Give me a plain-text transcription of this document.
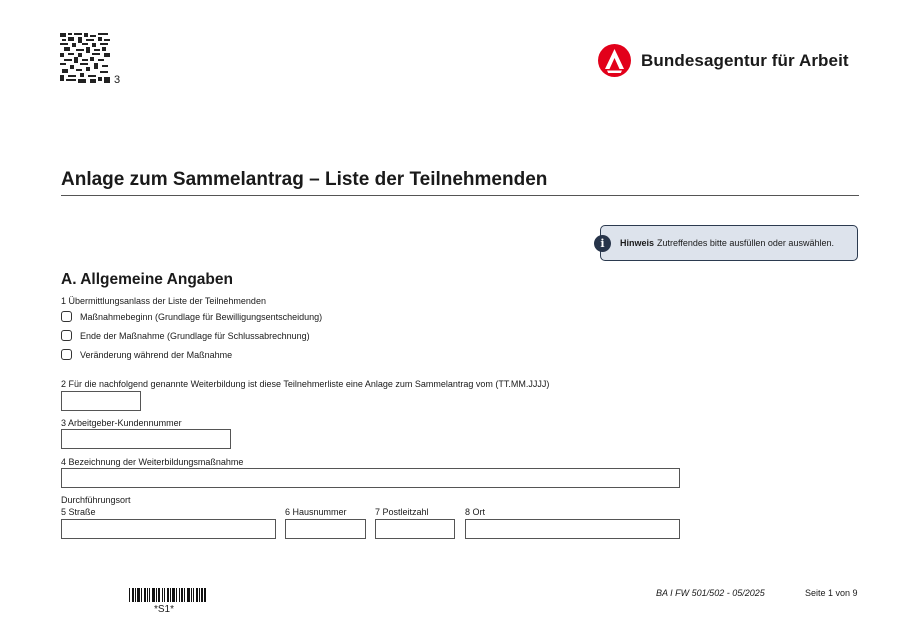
3
Bundesagentur für Arbeit
Anlage zum Sammelantrag – Liste der Teilnehmenden
Hinweis Zutreffendes bitte ausfüllen oder auswählen.
i
A. Allgemeine Angaben
1 Übermittlungsanlass der Liste der Teilnehmenden
Maßnahmebeginn (Grundlage für Bewilligungsentscheidung)
Ende der Maßnahme (Grundlage für Schlussabrechnung)
Veränderung während der Maßnahme
2 Für die nachfolgend genannte Weiterbildung ist diese Teilnehmerliste eine Anlage zum Sammelantrag vom (TT.MM.JJJJ)
3 Arbeitgeber-Kundennummer
4 Bezeichnung der Weiterbildungsmaßnahme
Durchführungsort
5 Straße	6 Hausnummer	7 Postleitzahl	8 Ort
*S1*
BA I FW 501/502 - 05/2025	Seite 1 von 9
